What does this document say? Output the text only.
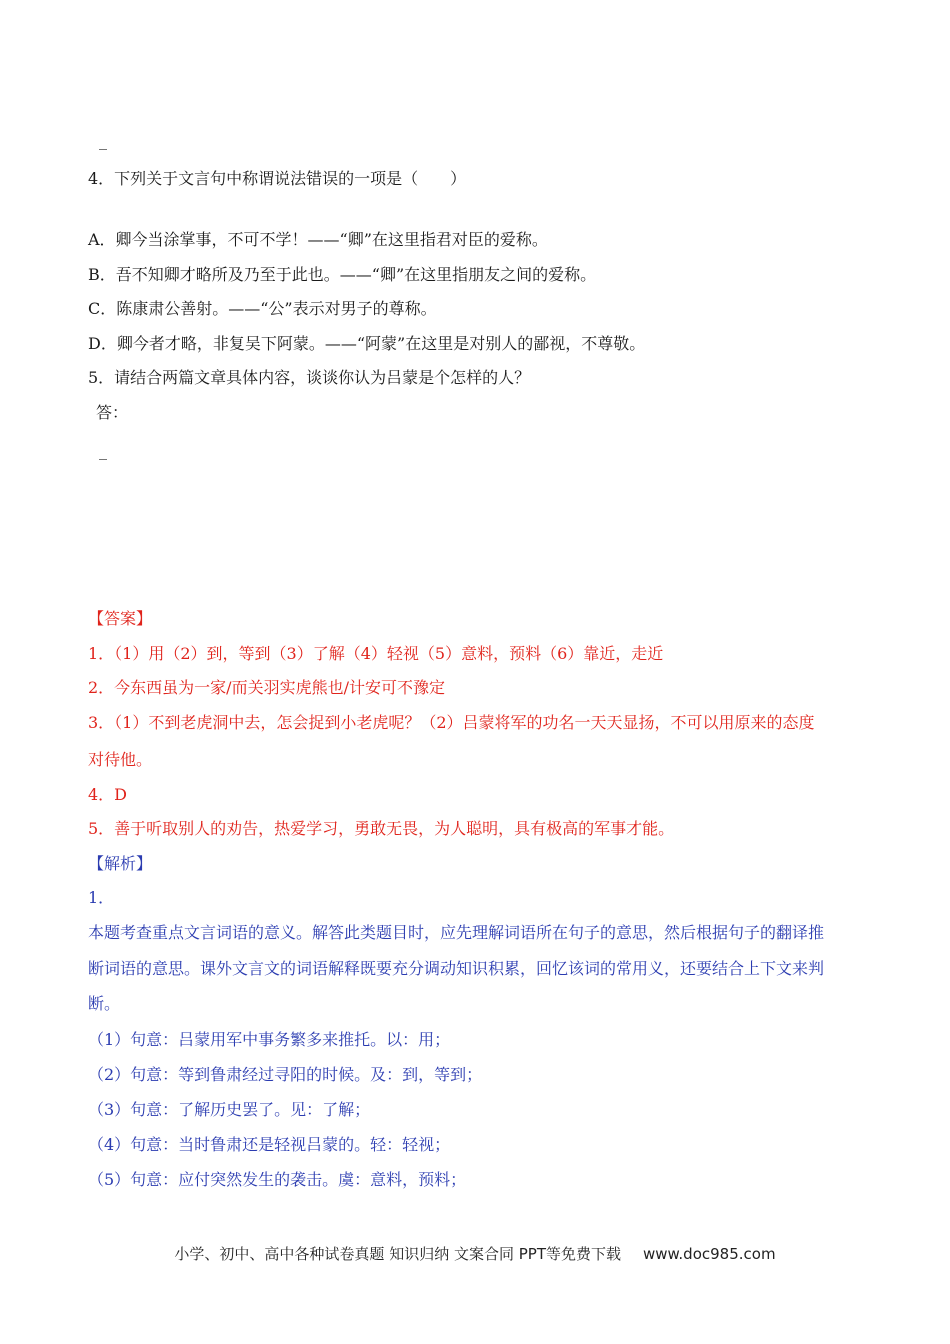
_
4．下列关于文言句中称谓说法错误的一项是（　　）
A．卿今当涂掌事，不可不学！——“卿”在这里指君对臣的爱称。
B．吾不知卿才略所及乃至于此也。——“卿”在这里指朋友之间的爱称。
C．陈康肃公善射。——“公”表示对男子的尊称。
D．卿今者才略，非复吴下阿蒙。——“阿蒙”在这里是对别人的鄙视，不尊敬。
5．请结合两篇文章具体内容，谈谈你认为吕蒙是个怎样的人？
答：
_
【答案】
1．（1）用（2）到，等到（3）了解（4）轻视（5）意料，预料（6）靠近，走近
2．今东西虽为一家/而关羽实虎熊也/计安可不豫定
3．（1）不到老虎洞中去，怎会捉到小老虎呢？（2）吕蒙将军的功名一天天显扬，不可以用原来的态度
对待他。
4．D
5．善于听取别人的劝告，热爱学习，勇敢无畏，为人聪明，具有极高的军事才能。
【解析】
1．
本题考查重点文言词语的意义。解答此类题目时，应先理解词语所在句子的意思，然后根据句子的翻译推
断词语的意思。课外文言文的词语解释既要充分调动知识积累，回忆该词的常用义，还要结合上下文来判
断。
（1）句意：吕蒙用军中事务繁多来推托。以：用；
（2）句意：等到鲁肃经过寻阳的时候。及：到，等到；
（3）句意：了解历史罢了。见：了解；
（4）句意：当时鲁肃还是轻视吕蒙的。轻：轻视；
（5）句意：应付突然发生的袭击。虞：意料，预料；
小学、初中、高中各种试卷真题 知识归纳 文案合同 PPT等免费下载 www.doc985.com
